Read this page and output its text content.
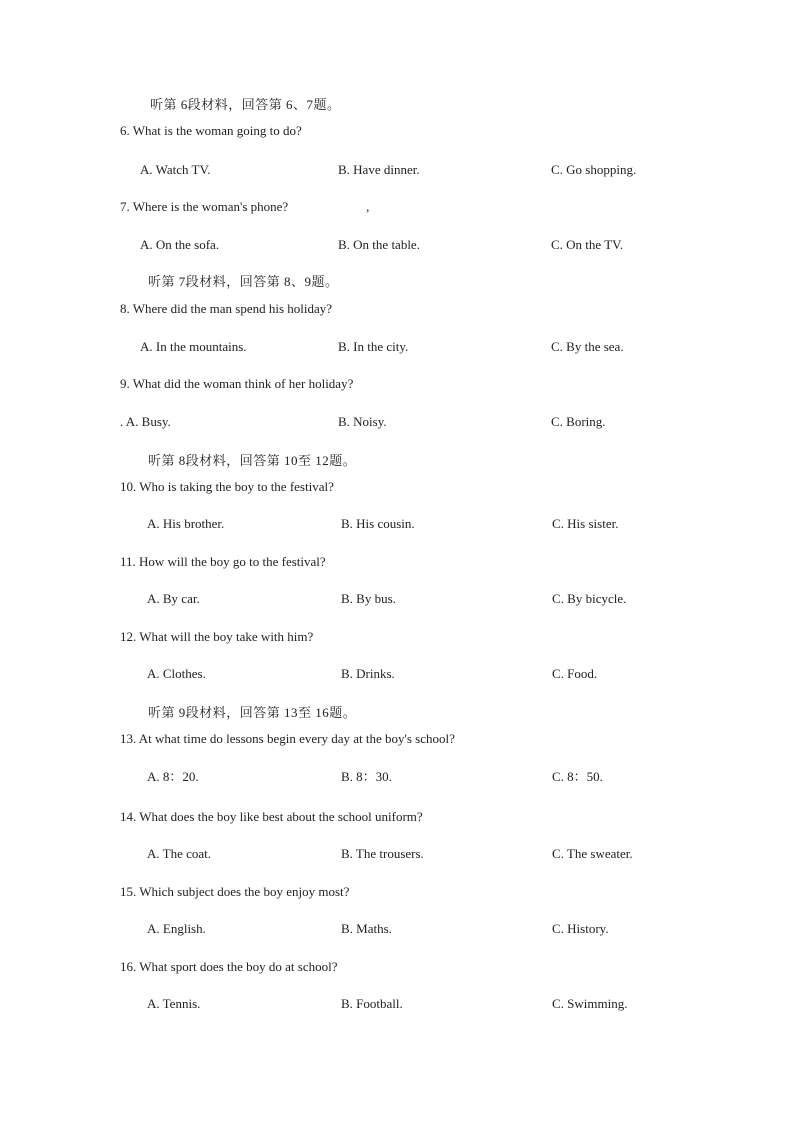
听第 6段材料，回答第 6、7题。
6. What is the woman going to do?
A. Watch TV.	B. Have dinner.	C. Go shopping.
7. Where is the woman's phone?                        ,
A. On the sofa.	B. On the table.	C. On the TV.
听第 7段材料，回答第 8、9题。
8. Where did the man spend his holiday?
A. In the mountains.	B. In the city.	C. By the sea.
9. What did the woman think of her holiday?
. A. Busy.	B. Noisy.	C. Boring.
听第 8段材料，回答第 10至 12题。
10. Who is taking the boy to the festival?
A. His brother.	B. His cousin.	C. His sister.
11. How will the boy go to the festival?
A. By car.	B. By bus.	C. By bicycle.
12. What will the boy take with him?
A. Clothes.	B. Drinks.	C. Food.
听第 9段材料，回答第 13至 16题。
13. At what time do lessons begin every day at the boy's school?
A. 8：20.	B. 8：30.	C. 8：50.
14. What does the boy like best about the school uniform?
A. The coat.	B. The trousers.	C. The sweater.
15. Which subject does the boy enjoy most?
A. English.	B. Maths.	C. History.
16. What sport does the boy do at school?
A. Tennis.	B. Football.	C. Swimming.
